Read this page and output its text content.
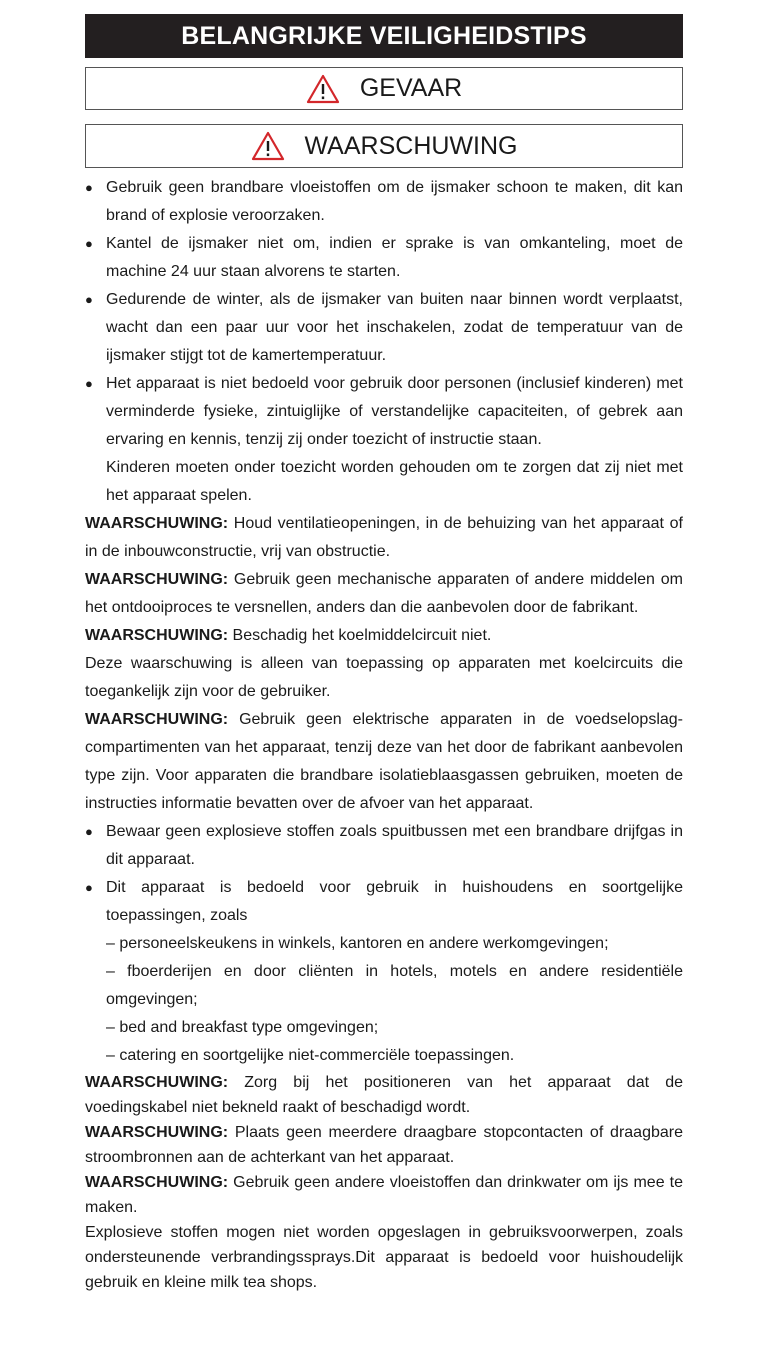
BELANGRIJKE VEILIGHEIDSTIPS
GEVAAR
WAARSCHUWING
● Gebruik geen brandbare vloeistoffen om de ijsmaker schoon te maken, dit kan brand of explosie veroorzaken.
● Kantel de ijsmaker niet om, indien er sprake is van omkanteling, moet de machine 24 uur staan alvorens te starten.
● Gedurende de winter, als de ijsmaker van buiten naar binnen wordt verplaatst, wacht dan een paar uur voor het inschakelen, zodat de temperatuur van de ijsmaker stijgt tot de kamertemperatuur.
● Het apparaat is niet bedoeld voor gebruik door personen (inclusief kinderen) met verminderde fysieke, zintuiglijke of verstandelijke capaciteiten, of gebrek aan ervaring en kennis, tenzij zij onder toezicht of instructie staan.
Kinderen moeten onder toezicht worden gehouden om te zorgen dat zij niet met het apparaat spelen.
WAARSCHUWING: Houd ventilatieopeningen, in de behuizing van het apparaat of in de inbouwconstructie, vrij van obstructie.
WAARSCHUWING: Gebruik geen mechanische apparaten of andere middelen om het ontdooiproces te versnellen, anders dan die aanbevolen door de fabrikant.
WAARSCHUWING: Beschadig het koelmiddelcircuit niet.
Deze waarschuwing is alleen van toepassing op apparaten met koelcircuits die toegankelijk zijn voor de gebruiker.
WAARSCHUWING: Gebruik geen elektrische apparaten in de voedselopslag-compartimenten van het apparaat, tenzij deze van het door de fabrikant aanbevolen type zijn. Voor apparaten die brandbare isolatieblaasgassen gebruiken, moeten de instructies informatie bevatten over de afvoer van het apparaat.
● Bewaar geen explosieve stoffen zoals spuitbussen met een brandbare drijfgas in dit apparaat.
● Dit apparaat is bedoeld voor gebruik in huishoudens en soortgelijke toepassingen, zoals
– personeelskeukens in winkels, kantoren en andere werkomgevingen;
– fboerderijen en door cliënten in hotels, motels en andere residentiële omgevingen;
– bed and breakfast type omgevingen;
– catering en soortgelijke niet-commerciële toepassingen.
WAARSCHUWING: Zorg bij het positioneren van het apparaat dat de voedingskabel niet bekneld raakt of beschadigd wordt.
WAARSCHUWING: Plaats geen meerdere draagbare stopcontacten of draagbare stroombronnen aan de achterkant van het apparaat.
WAARSCHUWING: Gebruik geen andere vloeistoffen dan drinkwater om ijs mee te maken.
Explosieve stoffen mogen niet worden opgeslagen in gebruiksvoorwerpen, zoals ondersteunende verbrandingssprays.Dit apparaat is bedoeld voor huishoudelijk gebruik en kleine milk tea shops.
